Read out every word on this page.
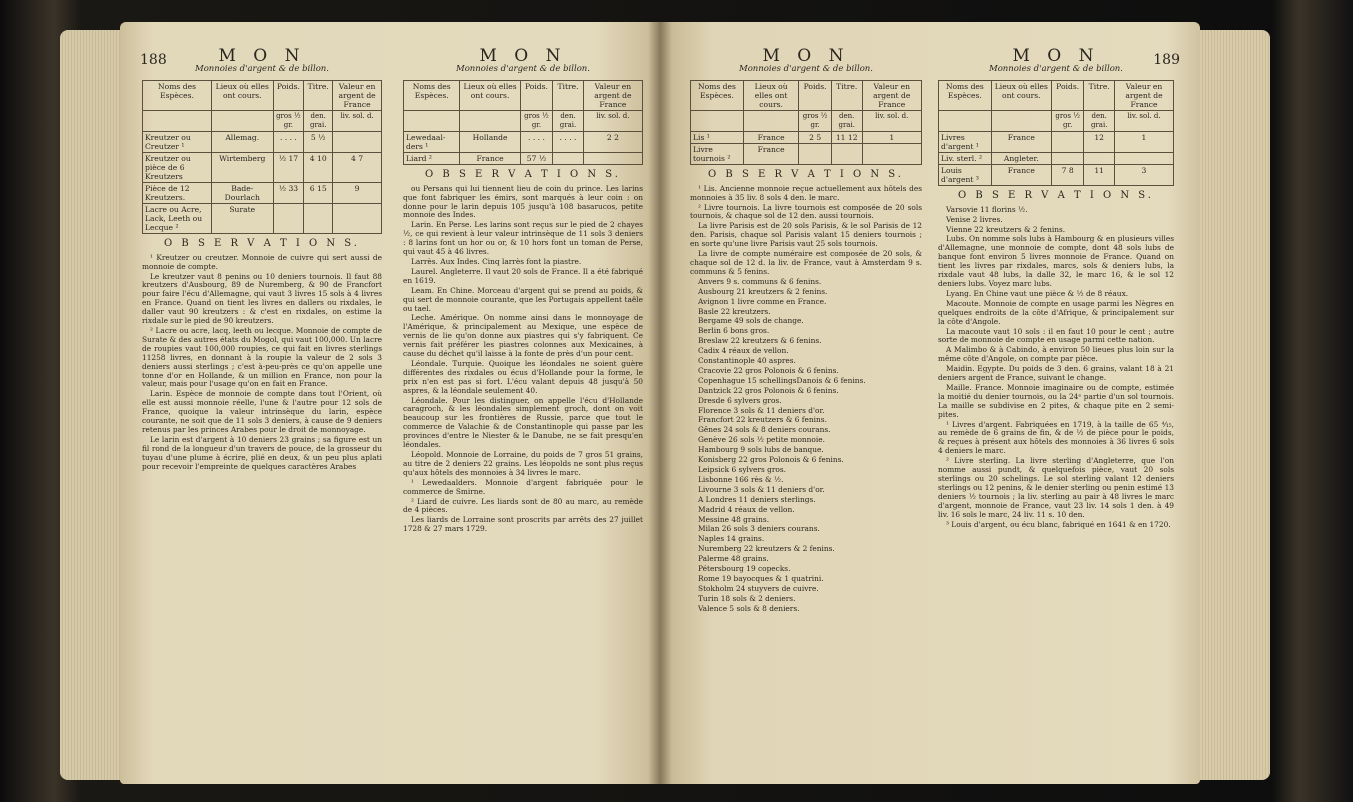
188	M O N
Monnoies d'argent & de billon.
Noms des Espèces.	Lieux où elles ont cours.	Poids.	Titre.	Valeur en argent de France
		gros ½ gr.	den. grai.	liv. sol. d.
Kreutzer ou Creutzer ¹	Allemag.	. . . .	5 ½	
Kreutzer ou pièce de 6 Kreutzers	Wirtemberg	½ 17	4 10	4 7
Pièce de 12 Kreutzers.	Bade-Dourlach	½ 33	6 15	9
Lacre ou Acre, Lack, Leeth ou Lecque ²	Surate			
O B S E R V A T I O N S.

¹ Kreutzer ou creutzer. Monnoie de cuivre qui sert aussi de monnoie de compte.

Le kreutzer vaut 8 penins ou 10 deniers tournois. Il faut 88 kreutzers d'Ausbourg, 89 de Nuremberg, & 90 de Francfort pour faire l'écu d'Allemagne, qui vaut 3 livres 15 sols à 4 livres en France. Quand on tient les livres en dallers ou rixdales, le daller vaut 90 kreutzers : & c'est en rixdales, on estime la rixdale sur le pied de 90 kreutzers.

² Lacre ou acre, lacq, leeth ou lecque. Monnoie de compte de Surate & des autres états du Mogol, qui vaut 100,000. Un lacre de roupies vaut 100,000 roupies, ce qui fait en livres sterlings 11258 livres, en donnant à la roupie la valeur de 2 sols 3 deniers aussi sterlings ; c'est à-peu-près ce qu'on appelle une tonne d'or en Hollande, & un million en France, non pour la valeur, mais pour l'usage qu'on en fait en France.

Larin. Espèce de monnoie de compte dans tout l'Orient, où elle est aussi monnoie réelle, l'une & l'autre pour 12 sols de France, quoique la valeur intrinsèque du larin, espèce courante, ne soit que de 11 sols 3 deniers, à cause de 9 deniers retenus par les princes Arabes pour le droit de monnoyage.

Le larin est d'argent à 10 deniers 23 grains ; sa figure est un fil rond de la longueur d'un travers de pouce, de la grosseur du tuyau d'une plume à écrire, plié en deux, & un peu plus aplati pour recevoir l'empreinte de quelques caractères Arabes

M O N
Monnoies d'argent & de billon.
Noms des Espèces.	Lieux où elles ont cours.	Poids.	Titre.	Valeur en argent de France
		gros ½ gr.	den. grai.	liv. sol. d.
Lewedaal-ders ¹	Hollande	. . . .	. . . .	2 2
Liard ²	France	57 ½		
O B S E R V A T I O N S.

ou Persans qui lui tiennent lieu de coin du prince. Les larins que font fabriquer les émirs, sont marqués à leur coin : on donne pour le larin depuis 105 jusqu'à 108 basarucos, petite monnoie des Indes.

Larin. En Perse. Les larins sont reçus sur le pied de 2 chayes ½, ce qui revient à leur valeur intrinsèque de 11 sols 3 deniers : 8 larins font un hor ou or, & 10 hors font un toman de Perse, qui vaut 45 à 46 livres.

Larrès. Aux Indes. Cinq larrès font la piastre.

Laurel. Angleterre. Il vaut 20 sols de France. Il a été fabriqué en 1619.

Leam. En Chine. Morceau d'argent qui se prend au poids, & qui sert de monnoie courante, que les Portugais appellent taële ou tael.

Leche. Amérique. On nomme ainsi dans le monnoyage de l'Amérique, & principalement au Mexique, une espèce de vernis de lie qu'on donne aux piastres qui s'y fabriquent. Ce vernis fait préférer les piastres colonnes aux Mexicaines, à cause du déchet qu'il laisse à la fonte de près d'un pour cent.

Léondale. Turquie. Quoique les léondales ne soient guère différentes des rixdales ou écus d'Hollande pour la forme, le prix n'en est pas si fort. L'écu valant depuis 48 jusqu'à 50 aspres, & la léondale seulement 40.

Léondale. Pour les distinguer, on appelle l'écu d'Hollande caragroch, & les léondales simplement groch, dont on voit beaucoup sur les frontières de Russie, parce que tout le commerce de Valachie & de Constantinople qui passe par les provinces d'entre le Niester & le Danube, ne se fait presqu'en léondales.

Léopold. Monnoie de Lorraine, du poids de 7 gros 51 grains, au titre de 2 deniers 22 grains. Les léopolds ne sont plus reçus qu'aux hôtels des monnoies à 34 livres le marc.

¹ Lewedaalders. Monnoie d'argent fabriquée pour le commerce de Smirne.

² Liard de cuivre. Les liards sont de 80 au marc, au remède de 4 pièces.

Les liards de Lorraine sont proscrits par arrêts des 27 juillet 1728 & 27 mars 1729.

189
M O N
Monnoies d'argent & de billon.
Noms des Espèces.	Lieux où elles ont cours.	Poids.	Titre.	Valeur en argent de France
		gros ½ gr.	den. grai.	liv. sol. d.
Lis ¹	France	2 5	11 12	1
Livre tournois ²	France			
O B S E R V A T I O N S.

¹ Lis. Ancienne monnoie reçue actuellement aux hôtels des monnoies à 35 liv. 8 sols 4 den. le marc.

² Livre tournois. La livre tournois est composée de 20 sols tournois, & chaque sol de 12 den. aussi tournois.

La livre Parisis est de 20 sols Parisis, & le sol Parisis de 12 den. Parisis, chaque sol Parisis valant 15 deniers tournois ; en sorte qu'une livre Parisis vaut 25 sols tournois.

La livre de compte numéraire est composée de 20 sols, & chaque sol de 12 d. la liv. de France, vaut à Amsterdam 9 s. communs & 5 fenins.

Anvers 9 s. communs & 6 fenins.

Ausbourg 21 kreutzers & 2 fenins.

Avignon 1 livre comme en France.

Basle 22 kreutzers.

Bergame 49 sols de change.

Berlin 6 bons gros.

Breslaw 22 kreutzers & 6 fenins.

Cadix 4 réaux de vellon.

Constantinople 40 aspres.

Cracovie 22 gros Polonois & 6 fenins.

Copenhague 15 schellingsDanois & 6 fenins.

Dantzick 22 gros Polonois & 6 fenins.

Dresde 6 sylvers gros.

Florence 3 sols & 11 deniers d'or.

Francfort 22 kreutzers & 6 fenins.

Gênes 24 sols & 8 deniers courans.

Genève 26 sols ½ petite monnoie.

Hambourg 9 sols lubs de banque.

Konisberg 22 gros Polonois & 6 fenins.

Leipsick 6 sylvers gros.

Lisbonne 166 rès & ½.

Livourne 3 sols & 11 deniers d'or.

A Londres 11 deniers sterlings.

Madrid 4 réaux de vellon.

Messine 48 grains.

Milan 26 sols 3 deniers courans.

Naples 14 grains.

Nuremberg 22 kreutzers & 2 fenins.

Palerme 48 grains.

Pétersbourg 19 copecks.

Rome 19 bayocques & 1 quatrini.

Stokholm 24 stuyvers de cuivre.

Turin 18 sols & 2 deniers.

Valence 5 sols & 8 deniers.

M O N
Monnoies d'argent & de billon.
Noms des Espèces.	Lieux où elles ont cours.	Poids.	Titre.	Valeur en argent de France
		gros ½ gr.	den. grai.	liv. sol. d.
Livres d'argent ¹	France		12	1
Liv. sterl. ²	Angleter.			
Louis d'argent ³	France	7 8	11	3
O B S E R V A T I O N S.

Varsovie 11 florins ½.

Venise 2 livres.

Vienne 22 kreutzers & 2 fenins.

Lubs. On nomme sols lubs à Hambourg & en plusieurs villes d'Allemagne, une monnoie de compte, dont 48 sols lubs de banque font environ 5 livres monnoie de France. Quand on tient les livres par rixdales, marcs, sols & deniers lubs, la rixdale vaut 48 lubs, la dalle 32, le marc 16, & le sol 12 deniers lubs. Voyez marc lubs.

Lyang. En Chine vaut une pièce & ½ de 8 réaux.

Macoute. Monnoie de compte en usage parmi les Nègres en quelques endroits de la côte d'Afrique, & principalement sur la côte d'Angole.

La macoute vaut 10 sols : il en faut 10 pour le cent ; autre sorte de monnoie de compte en usage parmi cette nation.

A Malimbo & à Cabindo, à environ 50 lieues plus loin sur la même côte d'Angole, on compte par pièce.

Maidin. Egypte. Du poids de 3 den. 6 grains, valant 18 à 21 deniers argent de France, suivant le change.

Maille. France. Monnoie imaginaire ou de compte, estimée la moitié du denier tournois, ou la 24ᵉ partie d'un sol tournois. La maille se subdivise en 2 pites, & chaque pite en 2 semi-pites.

¹ Livres d'argent. Fabriquées en 1719, à la taille de 65 ⁴⁄₁₅, au remède de 6 grains de fin, & de ½ de pièce pour le poids, & reçues à présent aux hôtels des monnoies à 36 livres 6 sols 4 deniers le marc.

² Livre sterling. La livre sterling d'Angleterre, que l'on nomme aussi pundt, & quelquefois pièce, vaut 20 sols sterlings ou 20 schelings. Le sol sterling valant 12 deniers sterlings ou 12 penins, & le denier sterling ou penin estimé 13 deniers ½ tournois ; la liv. sterling au pair à 48 livres le marc d'argent, monnoie de France, vaut 23 liv. 14 sols 1 den. à 49 liv. 16 sols le marc, 24 liv. 11 s. 10 den.

³ Louis d'argent, ou écu blanc, fabriqué en 1641 & en 1720.
